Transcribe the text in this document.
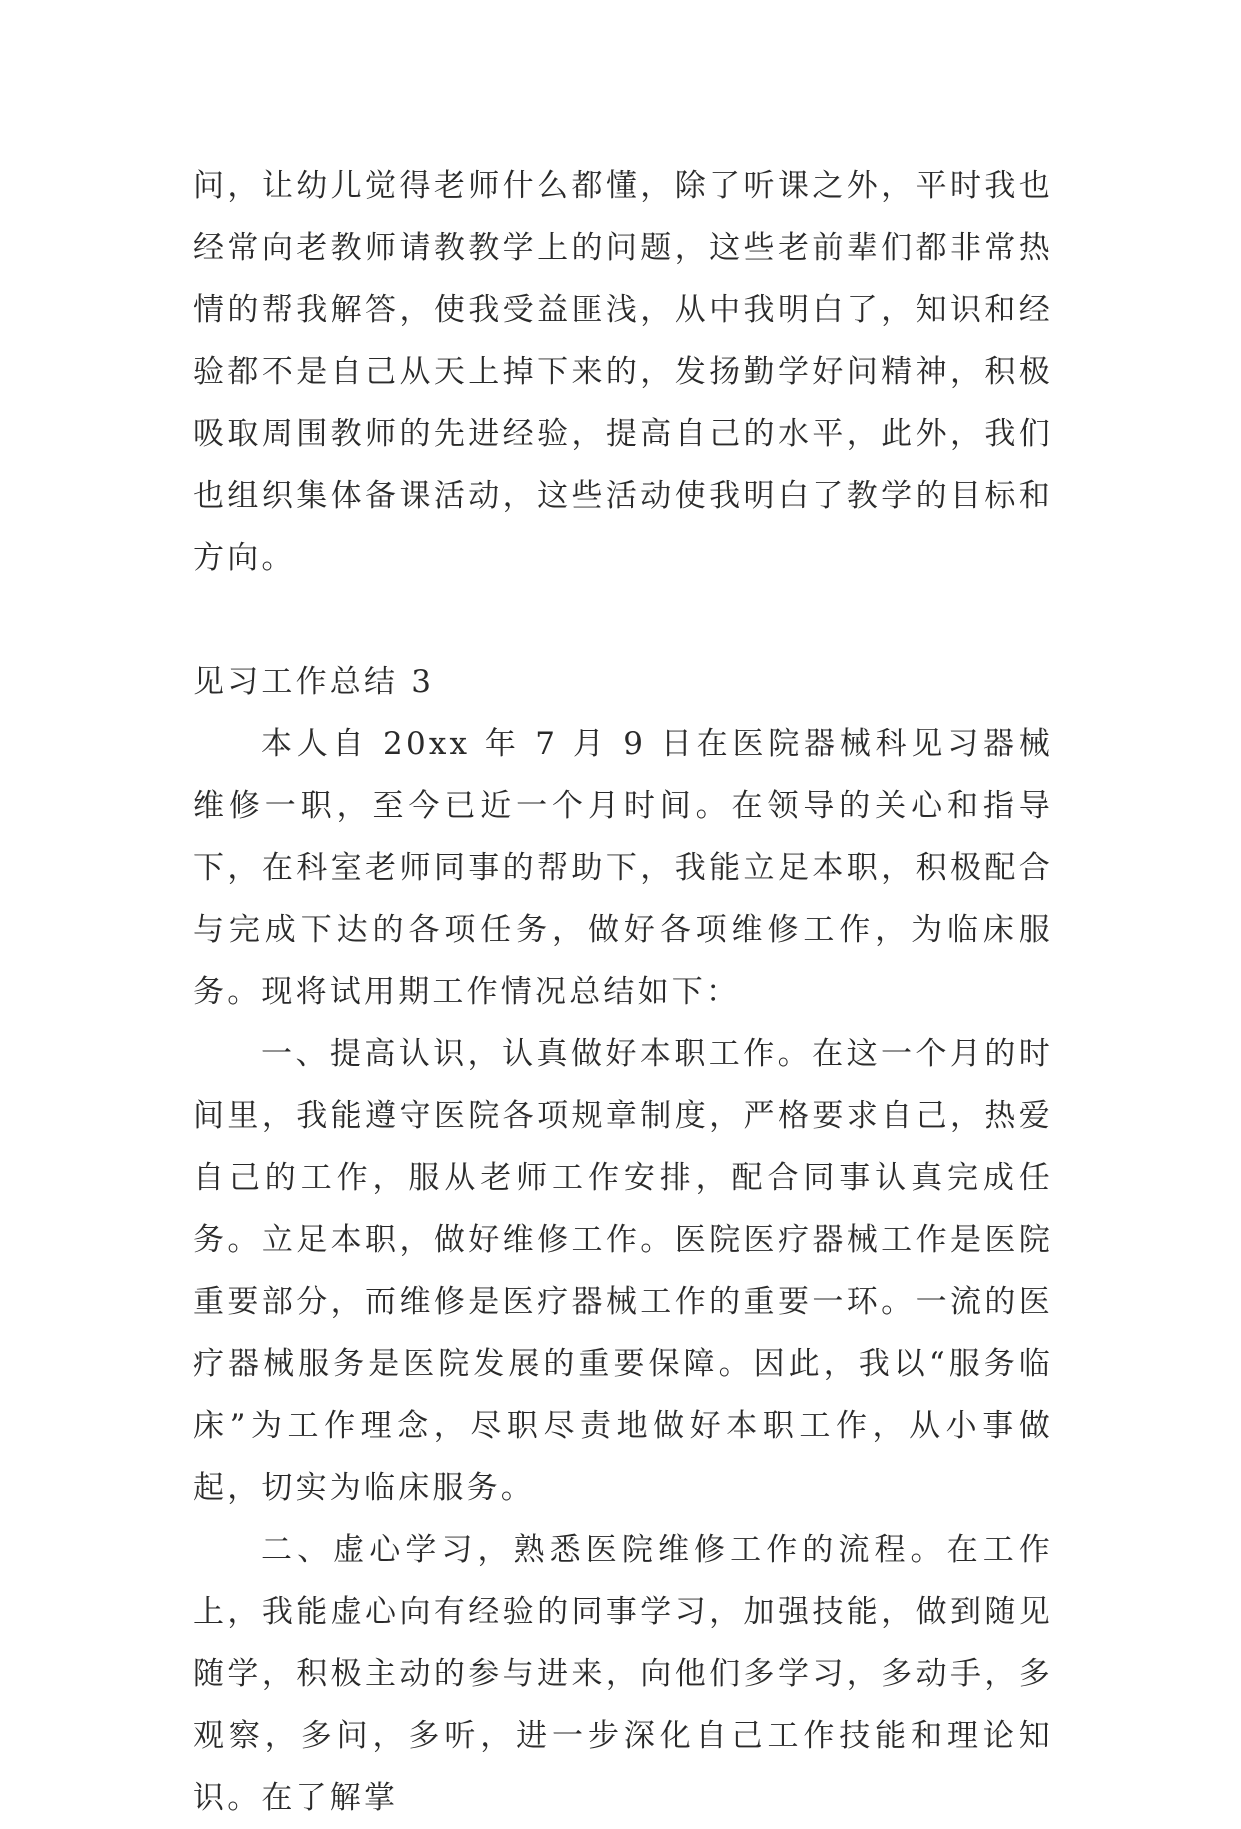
问，让幼儿觉得老师什么都懂，除了听课之外，平时我也经常向老教师请教教学上的问题，这些老前辈们都非常热情的帮我解答，使我受益匪浅，从中我明白了，知识和经验都不是自己从天上掉下来的，发扬勤学好问精神，积极吸取周围教师的先进经验，提高自己的水平，此外，我们也组织集体备课活动，这些活动使我明白了教学的目标和方向。

见习工作总结 3

本人自 20xx 年 7 月 9 日在医院器械科见习器械维修一职，至今已近一个月时间。在领导的关心和指导下，在科室老师同事的帮助下，我能立足本职，积极配合与完成下达的各项任务，做好各项维修工作，为临床服务。现将试用期工作情况总结如下：

一、提高认识，认真做好本职工作。在这一个月的时间里，我能遵守医院各项规章制度，严格要求自己，热爱自己的工作，服从老师工作安排，配合同事认真完成任务。立足本职，做好维修工作。医院医疗器械工作是医院重要部分，而维修是医疗器械工作的重要一环。一流的医疗器械服务是医院发展的重要保障。因此，我以“服务临床”为工作理念，尽职尽责地做好本职工作，从小事做起，切实为临床服务。

二、虚心学习，熟悉医院维修工作的流程。在工作上，我能虚心向有经验的同事学习，加强技能，做到随见随学，积极主动的参与进来，向他们多学习，多动手，多观察，多问，多听，进一步深化自己工作技能和理论知识。在了解掌
